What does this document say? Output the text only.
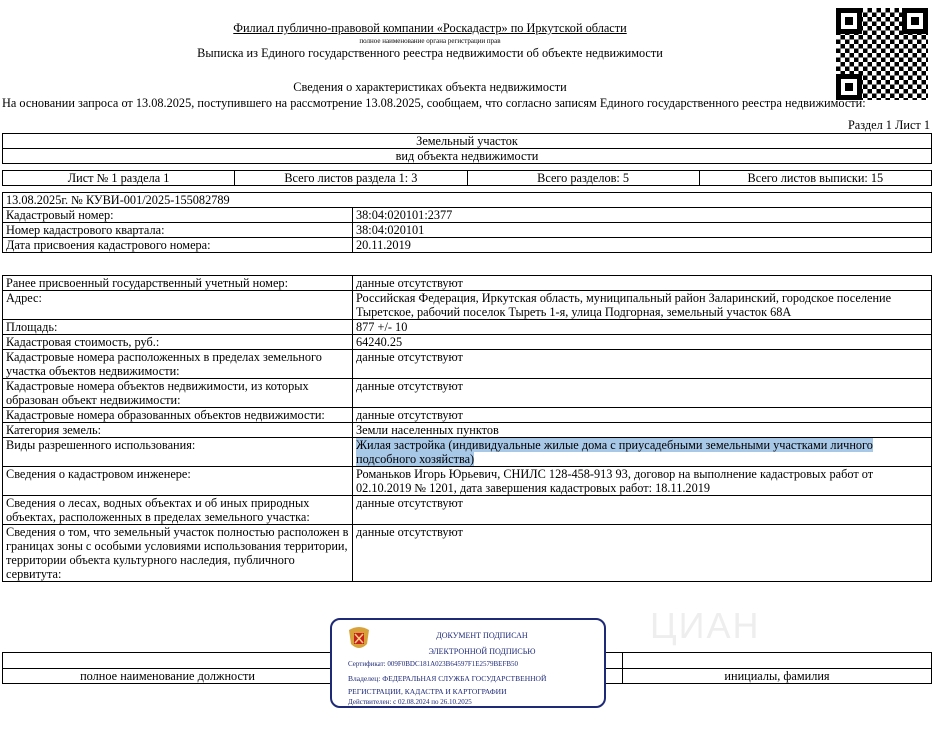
Филиал публично-правовой компании «Роскадастр» по Иркутской области
полное наименование органа регистрации прав
Выписка из Единого государственного реестра недвижимости об объекте недвижимости
Сведения о характеристиках объекта недвижимости
На основании запроса от 13.08.2025, поступившего на рассмотрение 13.08.2025, сообщаем, что согласно записям Единого государственного реестра недвижимости:
Раздел 1 Лист 1
Земельный участок
вид объекта недвижимости
Лист № 1 раздела 1	Всего листов раздела 1: 3	Всего разделов: 5	Всего листов выписки: 15
13.08.2025г. № КУВИ-001/2025-155082789	
Кадастровый номер:	38:04:020101:2377
Номер кадастрового квартала:	38:04:020101
Дата присвоения кадастрового номера:	20.11.2019
Ранее присвоенный государственный учетный номер:	данные отсутствуют
Адрес:	Российская Федерация, Иркутская область, муниципальный район Заларинский, городское поселение Тыретское, рабочий поселок Тыреть 1-я, улица Подгорная, земельный участок 68А
Площадь:	877 +/- 10
Кадастровая стоимость, руб.:	64240.25
Кадастровые номера расположенных в пределах земельного участка объектов недвижимости:	данные отсутствуют
Кадастровые номера объектов недвижимости, из которых образован объект недвижимости:	данные отсутствуют
Кадастровые номера образованных объектов недвижимости:	данные отсутствуют
Категория земель:	Земли населенных пунктов
Виды разрешенного использования:	Жилая застройка (индивидуальные жилые дома с приусадебными земельными участками личного подсобного хозяйства)
Сведения о кадастровом инженере:	Романьков Игорь Юрьевич, СНИЛС 128-458-913 93, договор на выполнение кадастровых работ от 02.10.2019 № 1201, дата завершения кадастровых работ: 18.11.2019
Сведения о лесах, водных объектах и об иных природных объектах, расположенных в пределах земельного участка:	данные отсутствуют
Сведения о том, что земельный участок полностью расположен в границах зоны с особыми условиями использования территории, территории объекта культурного наследия, публичного сервитута:	данные отсутствуют
ЦИАН

полное наименование должности		инициалы, фамилия
ДОКУМЕНТ ПОДПИСАН
ЭЛЕКТРОННОЙ ПОДПИСЬЮ
Сертификат: 009F0BDC181A023B64597F1E2579BEFB50
Владелец: ФЕДЕРАЛЬНАЯ СЛУЖБА ГОСУДАРСТВЕННОЙ
РЕГИСТРАЦИИ, КАДАСТРА И КАРТОГРАФИИ
Действителен: с 02.08.2024 по 26.10.2025
